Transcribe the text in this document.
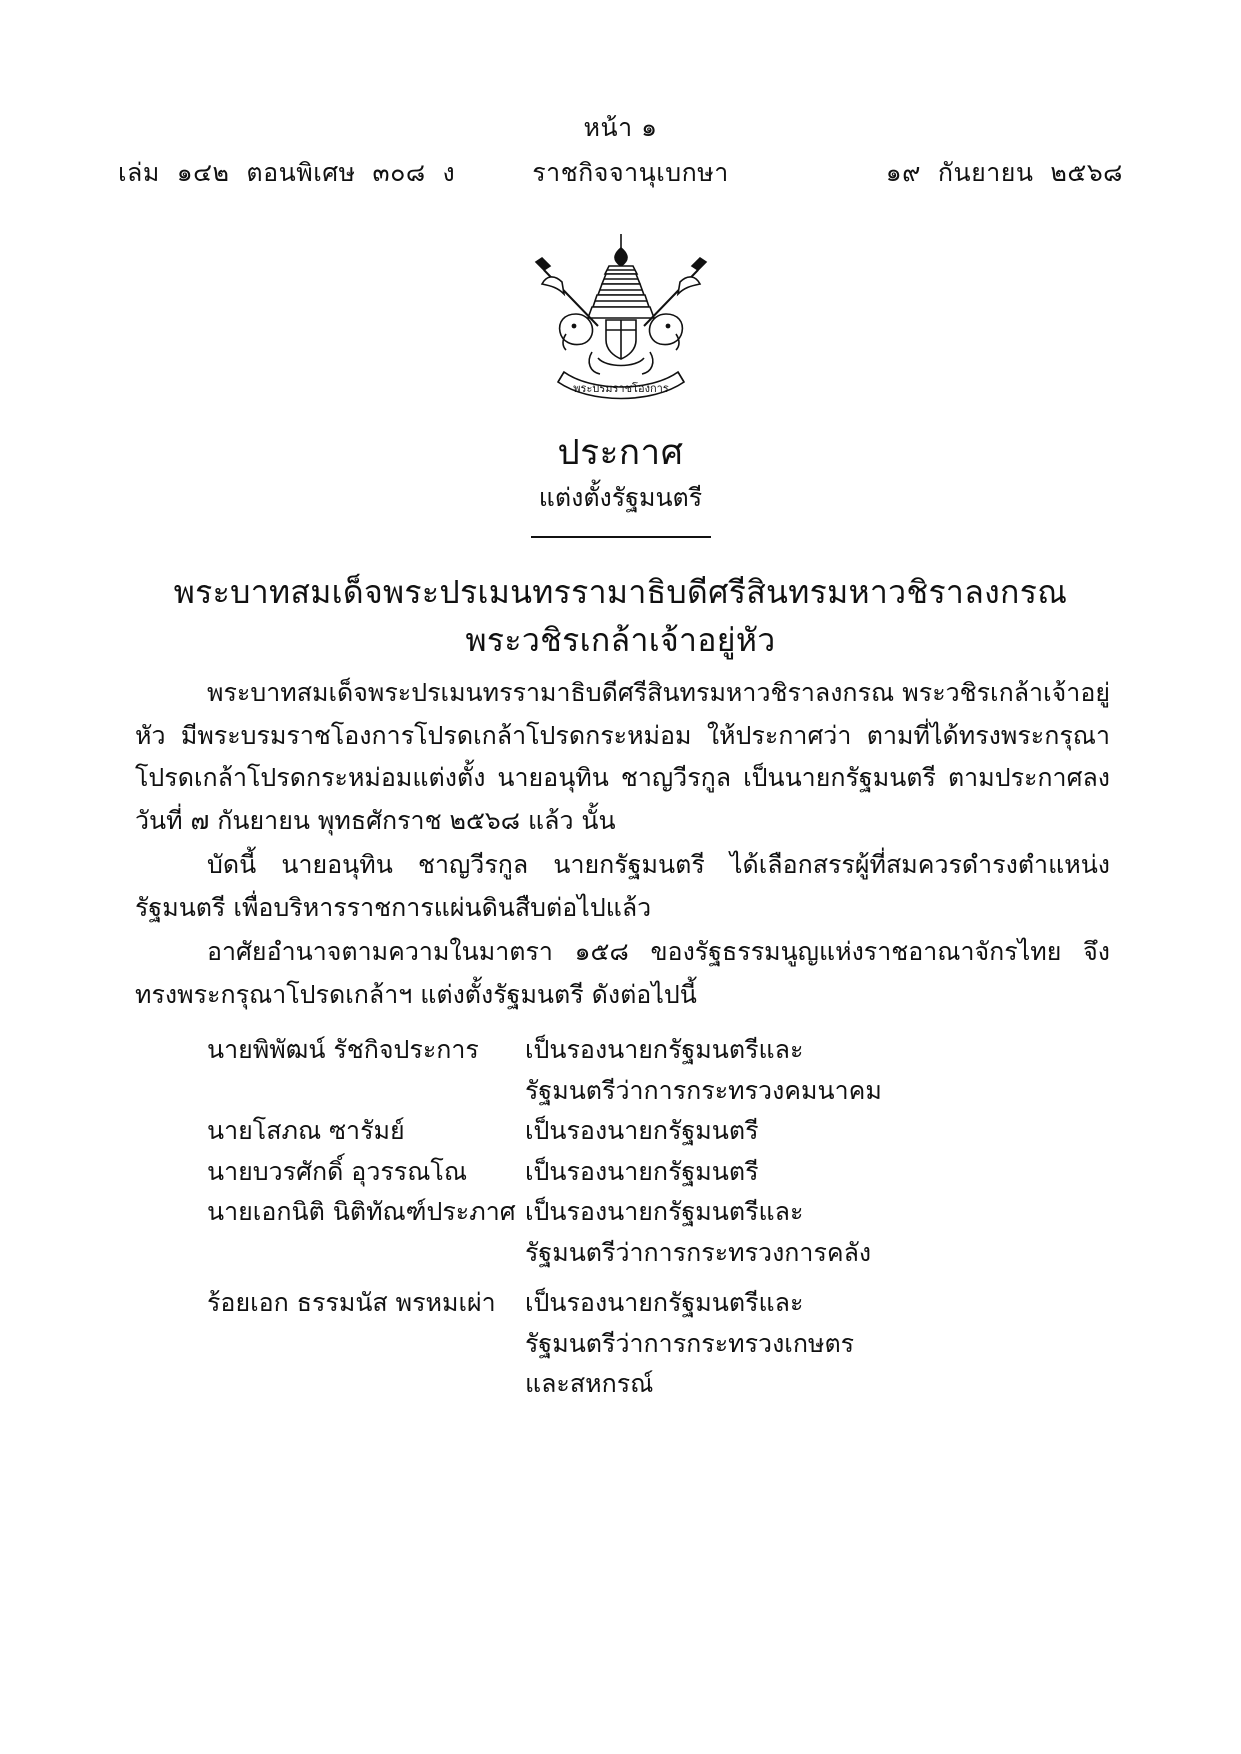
หน้า ๑
เล่ม  ๑๔๒  ตอนพิเศษ  ๓๐๘  ง	ราชกิจจานุเบกษา	๑๙  กันยายน  ๒๕๖๘
พระบรมราชโองการ
ประกาศ
แต่งตั้งรัฐมนตรี
พระบาทสมเด็จพระปรเมนทรรามาธิบดีศรีสินทรมหาวชิราลงกรณ
พระวชิรเกล้าเจ้าอยู่หัว

พระบาทสมเด็จพระปรเมนทรรามาธิบดีศรีสินทรมหาวชิราลงกรณ พระวชิรเกล้าเจ้าอยู่หัว มีพระบรมราชโองการโปรดเกล้าโปรดกระหม่อม ให้ประกาศว่า ตามที่ได้ทรงพระกรุณาโปรดเกล้าโปรดกระหม่อมแต่งตั้ง นายอนุทิน ชาญวีรกูล เป็นนายกรัฐมนตรี ตามประกาศลงวันที่ ๗ กันยายน พุทธศักราช ๒๕๖๘ แล้ว นั้น

บัดนี้ นายอนุทิน ชาญวีรกูล นายกรัฐมนตรี ได้เลือกสรรผู้ที่สมควรดำรงตำแหน่งรัฐมนตรี เพื่อบริหารราชการแผ่นดินสืบต่อไปแล้ว

อาศัยอำนาจตามความในมาตรา ๑๕๘ ของรัฐธรรมนูญแห่งราชอาณาจักรไทย จึงทรงพระกรุณาโปรดเกล้าฯ แต่งตั้งรัฐมนตรี ดังต่อไปนี้

นายพิพัฒน์ รัชกิจประการ	เป็นรองนายกรัฐมนตรีและ
รัฐมนตรีว่าการกระทรวงคมนาคม
นายโสภณ ซารัมย์	เป็นรองนายกรัฐมนตรี
นายบวรศักดิ์ อุวรรณโณ	เป็นรองนายกรัฐมนตรี
นายเอกนิติ นิติทัณฑ์ประภาศ เป็นรองนายกรัฐมนตรีและ
รัฐมนตรีว่าการกระทรวงการคลัง
ร้อยเอก ธรรมนัส พรหมเผ่า	เป็นรองนายกรัฐมนตรีและ
รัฐมนตรีว่าการกระทรวงเกษตร
และสหกรณ์
